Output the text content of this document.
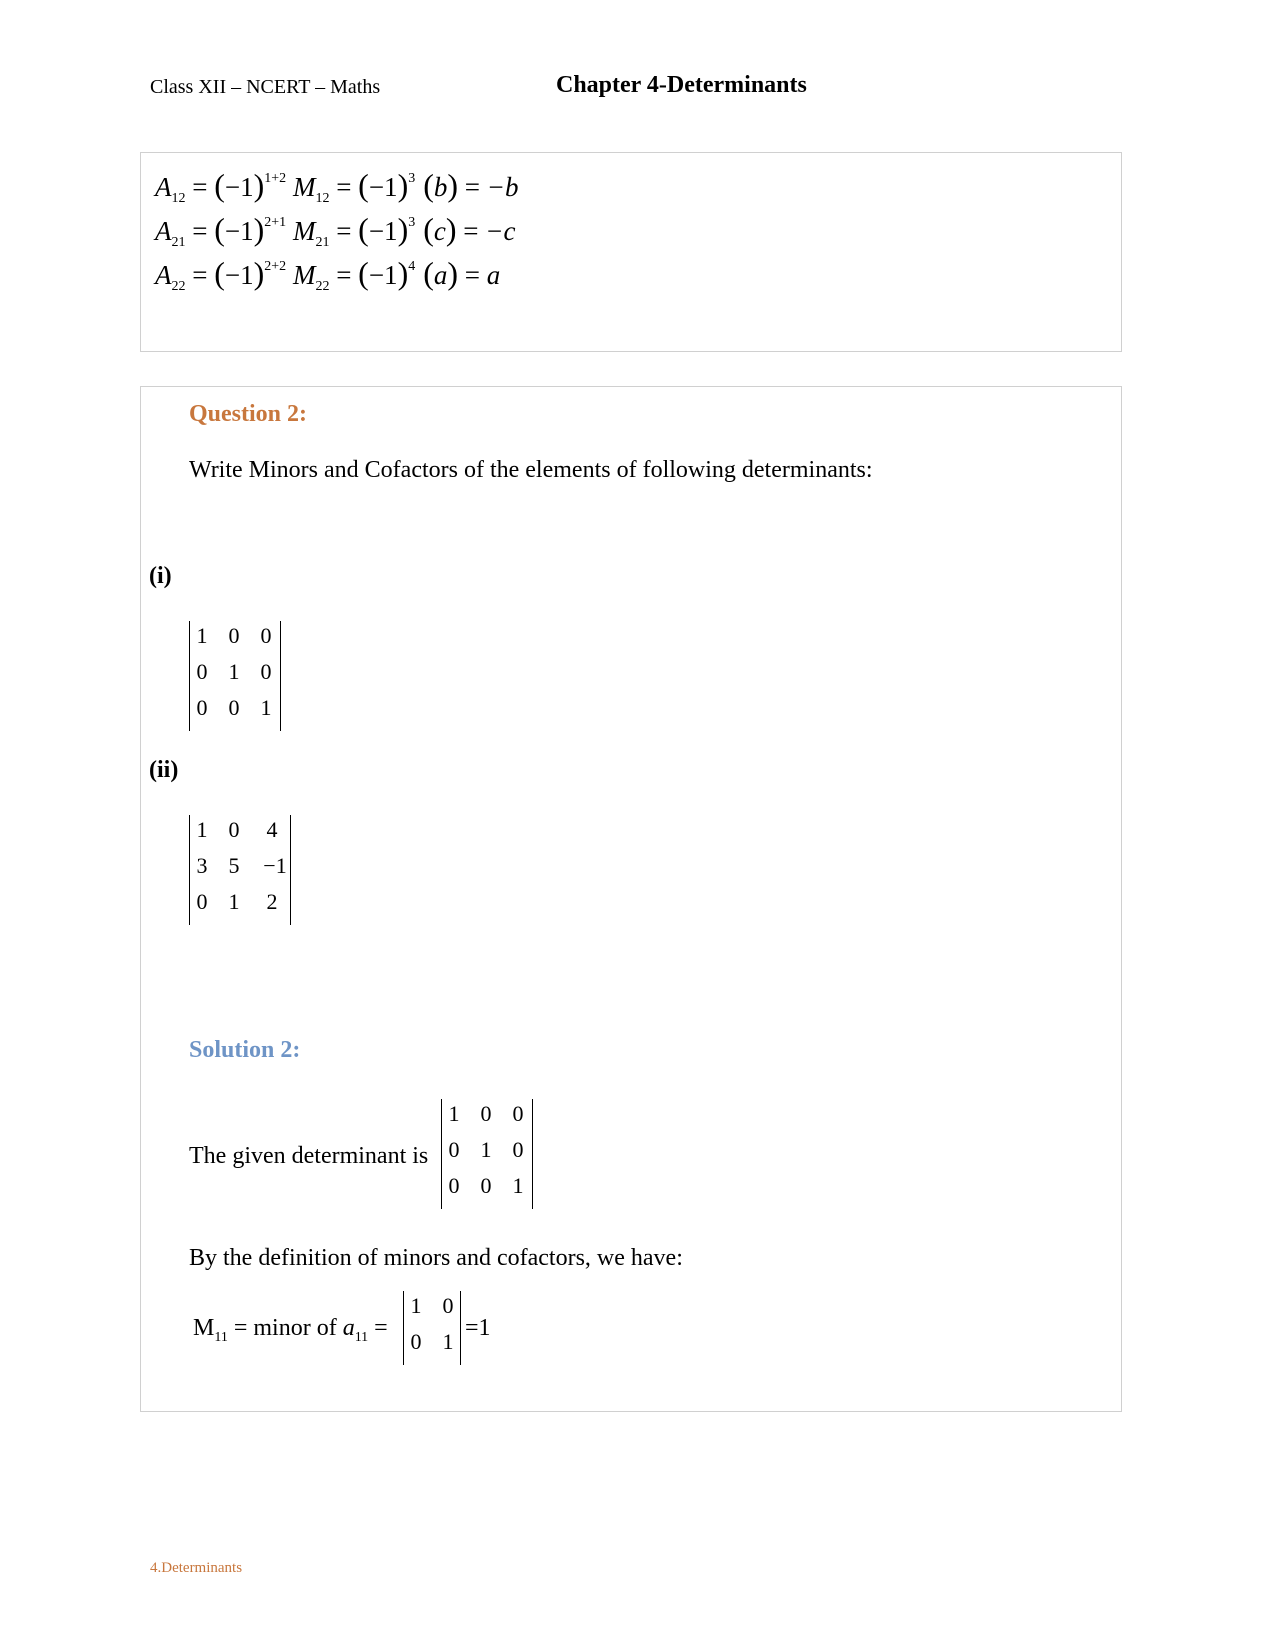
Class XII – NCERT – Maths	Chapter 4-Determinants
$A_{12} = (-1)^{1+2}$ $M_{12} = (-1)^3$ (b) = −b
$A_{21} = (-1)^{2+1}$ $M_{21} = (-1)^3$ (c) = −c
$A_{22} = (-1)^{2+2}$ $M_{22} = (-1)^4$ (a) = a
Question 2:
Write Minors and Cofactors of the elements of following determinants:
(i)
1 0 0
0 1 0
0 0 1
(ii)
1 0 4
3 5 −1
0 1 2
Solution 2:
The given determinant is
1 0 0
0 1 0
0 0 1
By the definition of minors and cofactors, we have:
$M_{11}$ = minor of $a_{11}$ =
1 0
0 1
=1
4.Determinants
